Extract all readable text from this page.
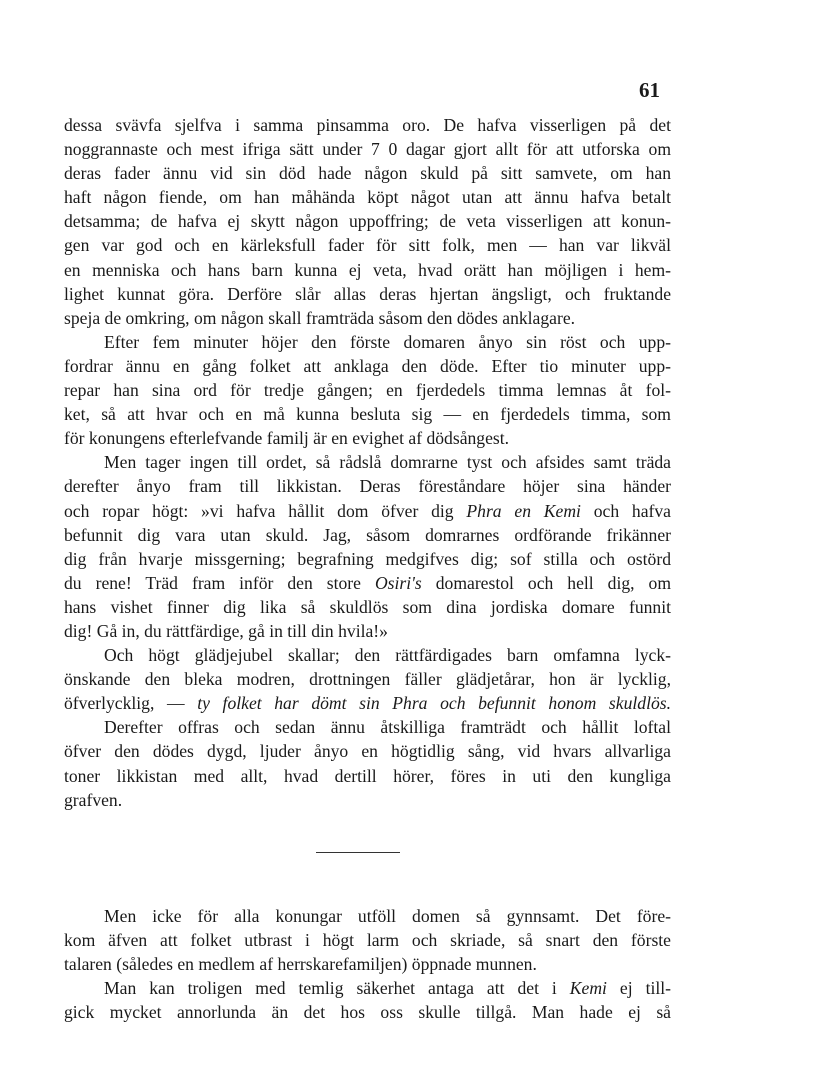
61

dessa svävfa sjelfva i samma pinsamma oro. De hafva visserligen på det
noggrannaste och mest ifriga sätt under 7 0 dagar gjort allt för att utforska om
deras fader ännu vid sin död hade någon skuld på sitt samvete, om han
haft någon fiende, om han måhända köpt något utan att ännu hafva betalt
detsamma; de hafva ej skytt någon uppoffring; de veta visserligen att konun-
gen var god och en kärleksfull fader för sitt folk, men — han var likväl
en menniska och hans barn kunna ej veta, hvad orätt han möjligen i hem-
lighet kunnat göra. Derföre slår allas deras hjertan ängsligt, och fruktande
speja de omkring, om någon skall framträda såsom den dödes anklagare.

Efter fem minuter höjer den förste domaren ånyo sin röst och upp-
fordrar ännu en gång folket att anklaga den döde. Efter tio minuter upp-
repar han sina ord för tredje gången; en fjerdedels timma lemnas åt fol-
ket, så att hvar och en må kunna besluta sig — en fjerdedels timma, som
för konungens efterlefvande familj är en evighet af dödsångest.

Men tager ingen till ordet, så rådslå domrarne tyst och afsides samt träda
derefter ånyo fram till likkistan. Deras föreståndare höjer sina händer
och ropar högt: »vi hafva hållit dom öfver dig Phra en Kemi och hafva
befunnit dig vara utan skuld. Jag, såsom domrarnes ordförande frikänner
dig från hvarje missgerning; begrafning medgifves dig; sof stilla och ostörd
du rene! Träd fram inför den store Osiri's domarestol och hell dig, om
hans vishet finner dig lika så skuldlös som dina jordiska domare funnit
dig! Gå in, du rättfärdige, gå in till din hvila!»

Och högt glädjejubel skallar; den rättfärdigades barn omfamna lyck-
önskande den bleka modren, drottningen fäller glädjetårar, hon är lycklig,
öfverlycklig, — ty folket har dömt sin Phra och befunnit honom skuldlös.

Derefter offras och sedan ännu åtskilliga framträdt och hållit loftal
öfver den dödes dygd, ljuder ånyo en högtidlig sång, vid hvars allvarliga
toner likkistan med allt, hvad dertill hörer, föres in uti den kungliga
grafven.

Men icke för alla konungar utföll domen så gynnsamt. Det före-
kom äfven att folket utbrast i högt larm och skriade, så snart den förste
talaren (således en medlem af herrskarefamiljen) öppnade munnen.

Man kan troligen med temlig säkerhet antaga att det i Kemi ej till-
gick mycket annorlunda än det hos oss skulle tillgå. Man hade ej så
